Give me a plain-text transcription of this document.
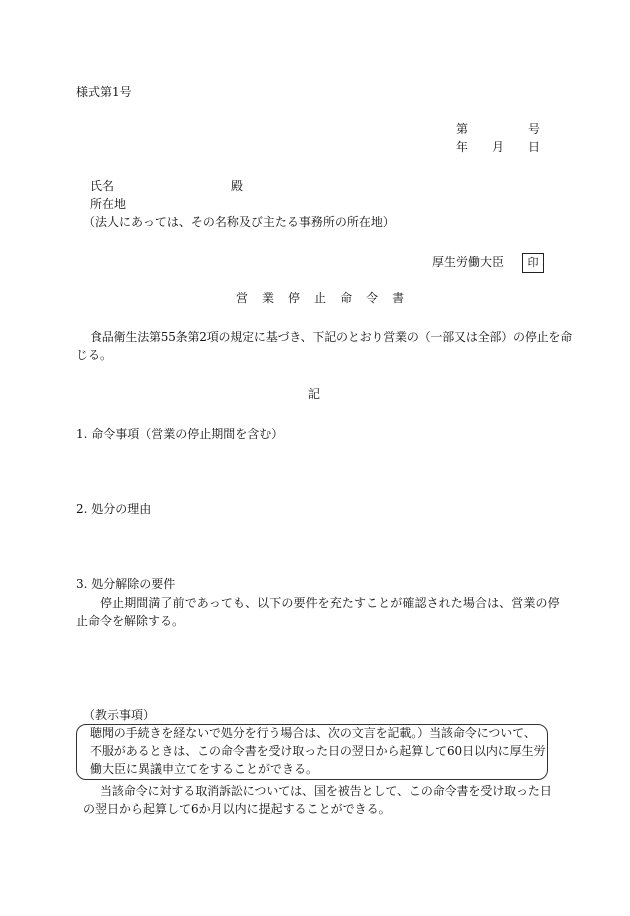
様式第1号
第	号
年 月 日
氏名	殿
所在地
（法人にあっては、その名称及び主たる事務所の所在地）
厚生労働大臣	印
営 業 停 止 命 令 書
食品衛生法第55条第2項の規定に基づき、下記のとおり営業の（一部又は全部）の停止を命
じる。
記
1. 命令事項（営業の停止期間を含む）
2. 処分の理由
3. 処分解除の要件
停止期間満了前であっても、以下の要件を充たすことが確認された場合は、営業の停
止命令を解除する。
（教示事項）
聴聞の手続きを経ないで処分を行う場合は、次の文言を記載。）当該命令について、
不服があるときは、この命令書を受け取った日の翌日から起算して60日以内に厚生労
働大臣に異議申立てをすることができる。
当該命令に対する取消訴訟については、国を被告として、この命令書を受け取った日
の翌日から起算して6か月以内に提起することができる。
